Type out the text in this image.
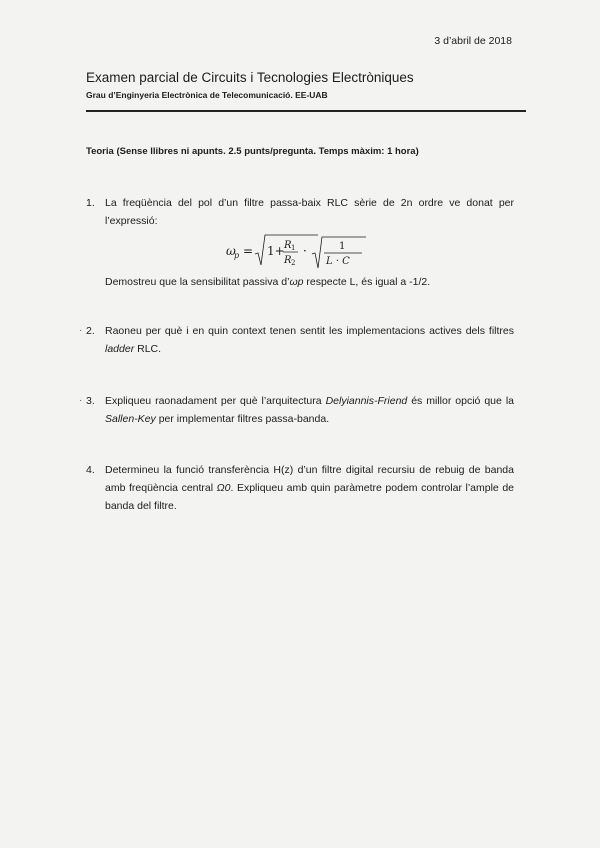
3 d’abril de 2018
Examen parcial de Circuits i Tecnologies Electròniques
Grau d’Enginyeria Electrònica de Telecomunicació. EE-UAB
Teoria (Sense llibres ni apunts. 2.5 punts/pregunta. Temps màxim: 1 hora)
1. La freqüència del pol d’un filtre passa-baix RLC sèrie de 2n ordre ve donat per l’expressió:
ω
p = 1+ R 1
R 2
·	1
L · C
Demostreu que la sensibilitat passiva d’ωp respecte L, és igual a -1/2.
· 2. Raoneu per què i en quin context tenen sentit les implementacions actives dels filtres ladder RLC.
· 3. Expliqueu raonadament per què l’arquitectura Delyiannis-Friend és millor opció que la Sallen-Key per implementar filtres passa-banda.
4. Determineu la funció transferència H(z) d’un filtre digital recursiu de rebuig de banda amb freqüència central Ω0. Expliqueu amb quin paràmetre podem controlar l’ample de banda del filtre.
